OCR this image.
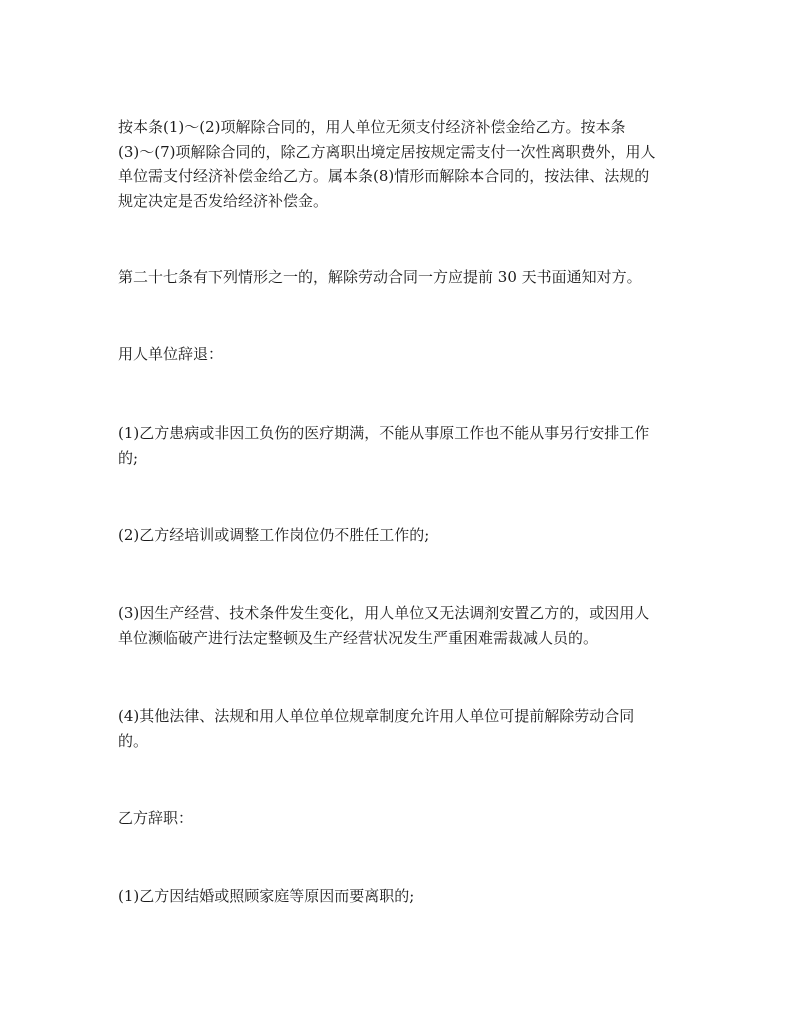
按本条(1)～(2)项解除合同的，用人单位无须支付经济补偿金给乙方。按本条
(3)～(7)项解除合同的，除乙方离职出境定居按规定需支付一次性离职费外，用人
单位需支付经济补偿金给乙方。属本条(8)情形而解除本合同的，按法律、法规的
规定决定是否发给经济补偿金。

第二十七条有下列情形之一的，解除劳动合同一方应提前 30 天书面通知对方。

用人单位辞退：

(1)乙方患病或非因工负伤的医疗期满，不能从事原工作也不能从事另行安排工作
的;

(2)乙方经培训或调整工作岗位仍不胜任工作的;

(3)因生产经营、技术条件发生变化，用人单位又无法调剂安置乙方的，或因用人
单位濒临破产进行法定整顿及生产经营状况发生严重困难需裁减人员的。

(4)其他法律、法规和用人单位单位规章制度允许用人单位可提前解除劳动合同
的。

乙方辞职：

(1)乙方因结婚或照顾家庭等原因而要离职的;
